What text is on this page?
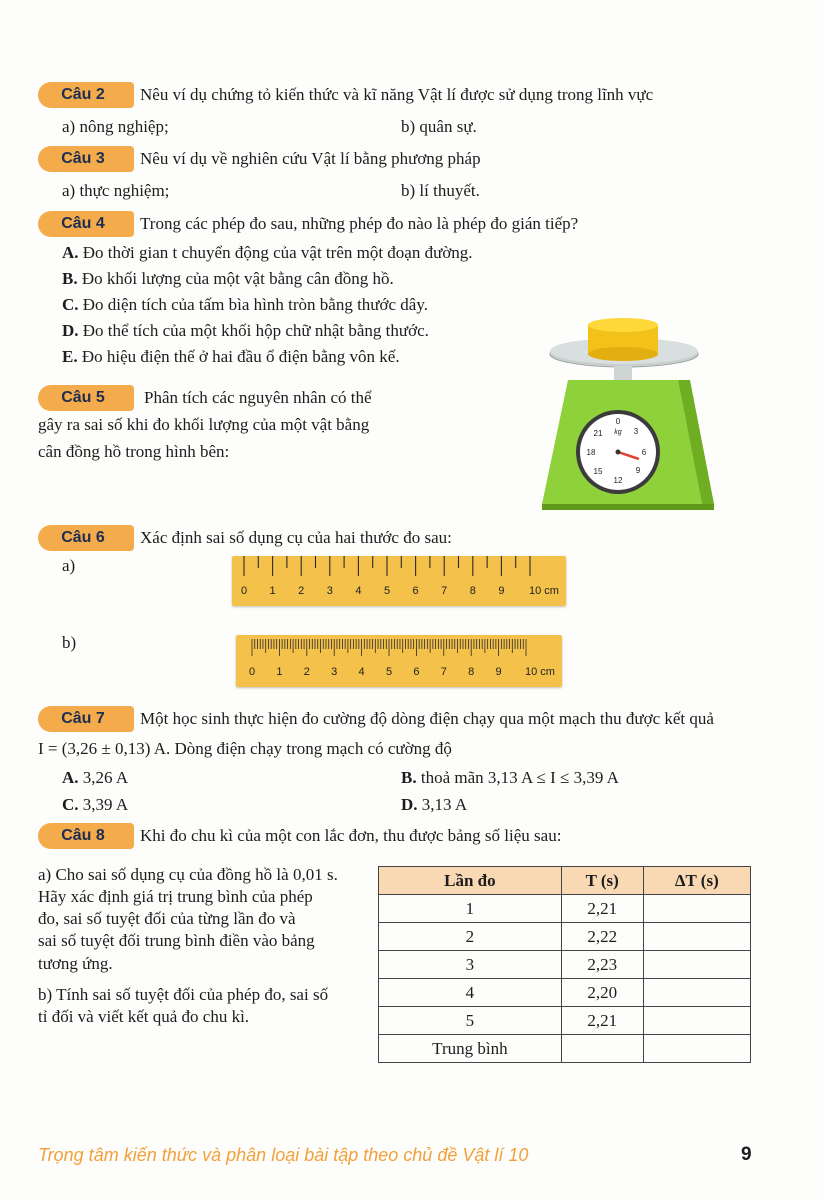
Câu 2	Nêu ví dụ chứng tỏ kiến thức và kĩ năng Vật lí được sử dụng trong lĩnh vực
a) nông nghiệp;	b) quân sự.
Câu 3	Nêu ví dụ về nghiên cứu Vật lí bằng phương pháp
a) thực nghiệm;	b) lí thuyết.
Câu 4	Trong các phép đo sau, những phép đo nào là phép đo gián tiếp?
A. Đo thời gian t chuyển động của vật trên một đoạn đường.
B. Đo khối lượng của một vật bằng cân đồng hồ.
C. Đo diện tích của tấm bìa hình tròn bằng thước dây.
D. Đo thể tích của một khối hộp chữ nhật bằng thước.
E. Đo hiệu điện thế ở hai đầu ổ điện bằng vôn kế.
Câu 5	Phân tích các nguyên nhân có thể
gây ra sai số khi đo khối lượng của một vật bằng
cân đồng hồ trong hình bên:
0
3
6
9
12
15
18
21 kg
Câu 6	Xác định sai số dụng cụ của hai thước đo sau:
a)
b)
0 1 2 3 4 5 6 7 8 9 10 cm
0 1 2 3 4 5 6 7 8 9 10 cm
Câu 7	Một học sinh thực hiện đo cường độ dòng điện chạy qua một mạch thu được kết quả
I = (3,26 ± 0,13) A. Dòng điện chạy trong mạch có cường độ
A. 3,26 A	B. thoả mãn 3,13 A ≤ I ≤ 3,39 A
C. 3,39 A	D. 3,13 A
Câu 8	Khi đo chu kì của một con lắc đơn, thu được bảng số liệu sau:
a) Cho sai số dụng cụ của đồng hồ là 0,01 s.
Hãy xác định giá trị trung bình của phép
đo, sai số tuyệt đối của từng lần đo và
sai số tuyệt đối trung bình điền vào bảng
tương ứng.
b) Tính sai số tuyệt đối của phép đo, sai số
tỉ đối và viết kết quả đo chu kì.
Lần đo	T (s)	ΔT (s)
1	2,21	
2	2,22	
3	2,23	
4	2,20	
5	2,21	
Trung bình		
Trọng tâm kiến thức và phân loại bài tập theo chủ đề Vật lí 10	9
